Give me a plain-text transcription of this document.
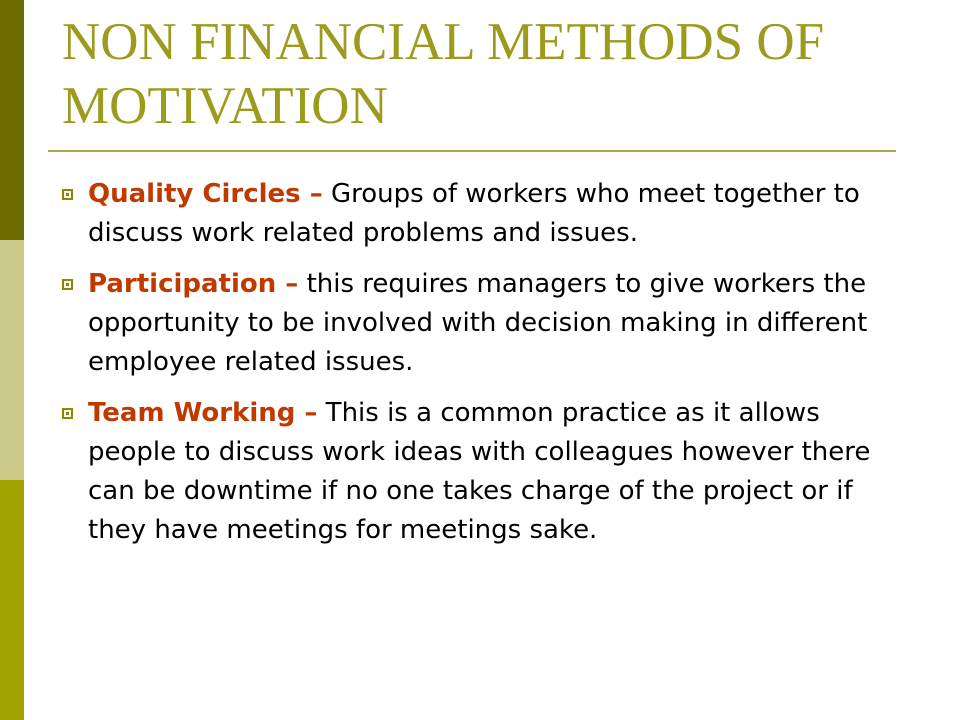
NON FINANCIAL METHODS OF MOTIVATION
Quality Circles – Groups of workers who meet together to discuss work related problems and issues.
Participation – this requires managers to give workers the opportunity to be involved with decision making in different employee related issues.
Team Working – This is a common practice as it allows people to discuss work ideas with colleagues however there can be downtime if no one takes charge of the project or if they have meetings for meetings sake.
